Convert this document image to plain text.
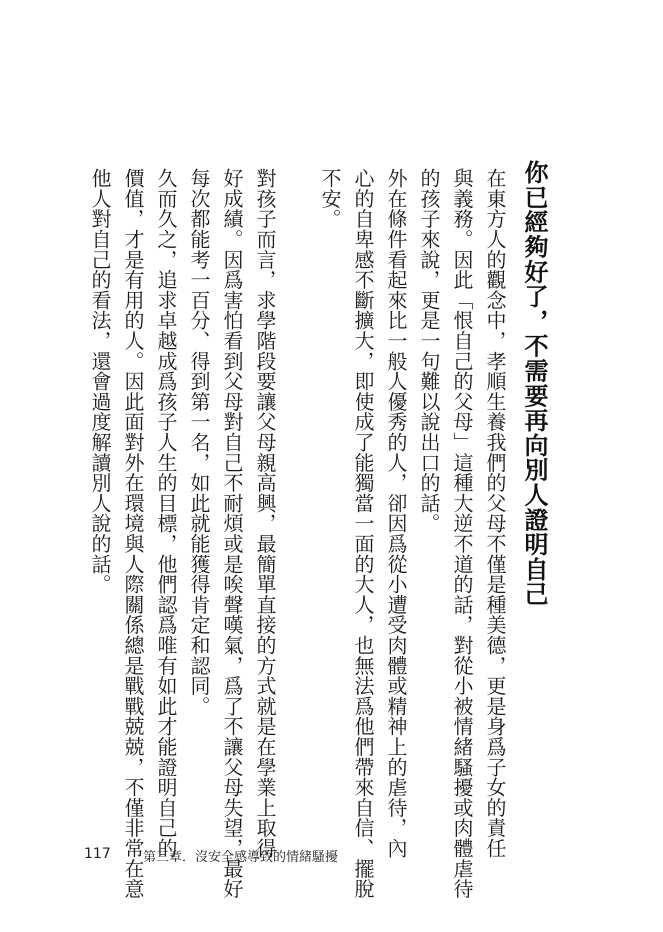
你已經夠好了，不需要再向別人證明自己
在東方人的觀念中，孝順生養我們的父母不僅是種美德，更是身爲子女的責任
與義務。因此「恨自己的父母」這種大逆不道的話，對從小被情緒騷擾或肉體虐待
的孩子來說，更是一句難以說出口的話。
外在條件看起來比一般人優秀的人，卻因爲從小遭受肉體或精神上的虐待，內
心的自卑感不斷擴大，即使成了能獨當一面的大人，也無法爲他們帶來自信、擺脫
不安。
對孩子而言，求學階段要讓父母親高興，最簡單直接的方式就是在學業上取得
好成績。因爲害怕看到父母對自己不耐煩或是唉聲嘆氣，爲了不讓父母失望，最好
每次都能考一百分、得到第一名，如此就能獲得肯定和認同。
久而久之，追求卓越成爲孩子人生的目標，他們認爲唯有如此才能證明自己的
價值，才是有用的人。因此面對外在環境與人際關係總是戰戰兢兢，不僅非常在意
他人對自己的看法，還會過度解讀別人說的話。
117 第三章．沒安全感導致的情緒騷擾
